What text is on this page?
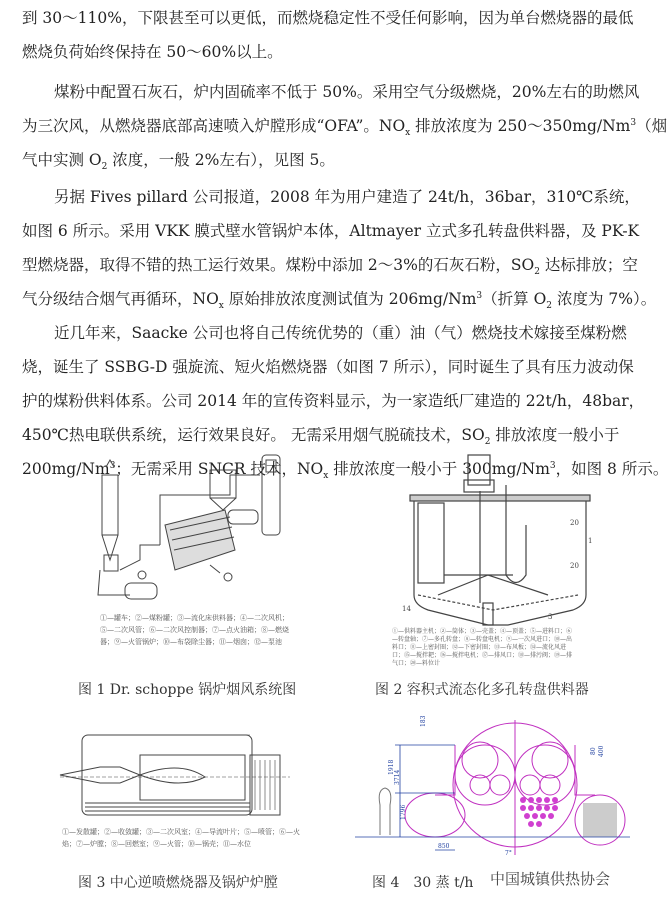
到 30～110%，下限甚至可以更低，而燃烧稳定性不受任何影响，因为单台燃烧器的最低
燃烧负荷始终保持在 50～60%以上。
煤粉中配置石灰石，炉内固硫率不低于 50%。采用空气分级燃烧，20%左右的助燃风
为三次风，从燃烧器底部高速喷入炉膛形成“OFA”。$NO_x$ 排放浓度为 250～350mg/Nm$^3$（烟
气中实测 $O_2$ 浓度，一般 2%左右），见图 5。
另据 Fives pillard 公司报道，2008 年为用户建造了 24t/h，36bar，310℃系统，
如图 6 所示。采用 VKK 膜式壁水管锅炉本体，Altmayer 立式多孔转盘供料器，及 PK-K
型燃烧器，取得不错的热工运行效果。煤粉中添加 2～3%的石灰石粉，$SO_2$ 达标排放；空
气分级结合烟气再循环，$NO_x$ 原始排放浓度测试值为 206mg/Nm$^3$（折算 $O_2$ 浓度为 7%）。
近几年来，Saacke 公司也将自己传统优势的（重）油（气）燃烧技术嫁接至煤粉燃
烧，诞生了 SSBG-D 强旋流、短火焰燃烧器（如图 7 所示），同时诞生了具有压力波动保
护的煤粉供料体系。公司 2014 年的宣传资料显示，为一家造纸厂建造的 22t/h，48bar，
450℃热电联供系统，运行效果良好。 无需采用烟气脱硫技术，$SO_2$ 排放浓度一般小于
200mg/Nm$^3$；无需采用 SNCR 技术，$NO_x$ 排放浓度一般小于 300mg/Nm$^3$，如图 8 所示。
①—罐车；②—煤粉罐；③—流化床供料器；④—二次风机；⑤—二次风管；⑥—二次风控制器；⑦—点火油箱；⑧—燃烧器；⑨—火管锅炉；⑩—布袋除尘器；⑪—烟囱；⑫—泵池
图 1 Dr. schoppe 锅炉烟风系统图
1
20
20
14
3
①—供料器主机；②—筒体；③—壳盖；④—顶盖；⑤—进料口；⑥—转盘轴；⑦—多孔转盘；⑧—转盘电机；⑨—一次风进口；⑩—出料口；⑪—上密封圈；⑫—下密封圈；⑬—布风板；⑭—流化风进口；⑮—搅拌耙；⑯—搅拌电机；⑰—排风口；⑱—排污阀；⑲—排气口；⑳—料位计
图 2 容积式流态化多孔转盘供料器
①—发散罐；②—收敛罐；③—二次风室；④—导流叶片；⑤—喷管；⑥—火焰；⑦—炉膛；⑧—回燃室；⑨—火管；⑩—锅壳；⑪—水位
图 3 中心逆喷燃烧器及锅炉炉膛
1918
3714
1796
183
80 400
850
7°
图 4　30 蒸 t/h 中国城镇供热协会
